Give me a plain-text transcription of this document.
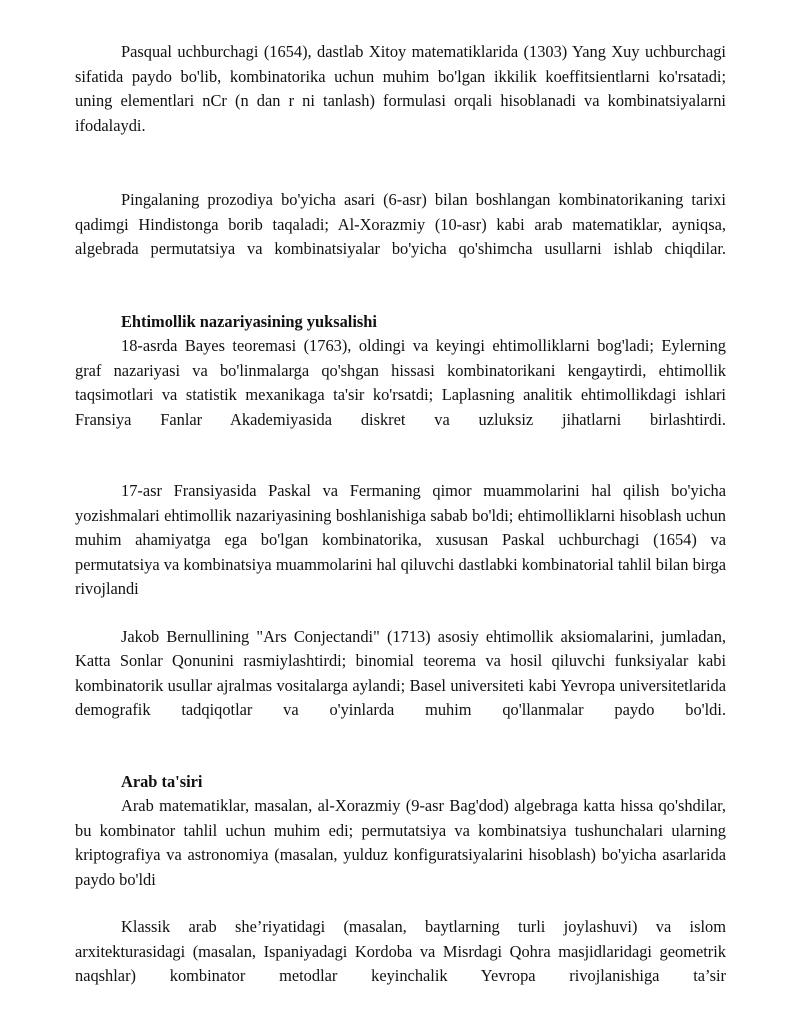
Pasqual uchburchagi (1654), dastlab Xitoy matematiklarida (1303) Yang Xuy uchburchagi sifatida paydo bo'lib, kombinatorika uchun muhim bo'lgan ikkilik koeffitsientlarni ko'rsatadi; uning elementlari nCr (n dan r ni tanlash) formulasi orqali hisoblanadi va kombinatsiyalarni ifodalaydi.

Pingalaning prozodiya bo'yicha asari (6-asr) bilan boshlangan kombinatorikaning tarixi qadimgi Hindistonga borib taqaladi; Al-Xorazmiy (10-asr) kabi arab matematiklar, ayniqsa, algebrada permutatsiya va kombinatsiyalar bo'yicha qo'shimcha usullarni ishlab chiqdilar.

Ehtimollik nazariyasining yuksalishi

18-asrda Bayes teoremasi (1763), oldingi va keyingi ehtimolliklarni bog'ladi; Eylerning graf nazariyasi va bo'linmalarga qo'shgan hissasi kombinatorikani kengaytirdi, ehtimollik taqsimotlari va statistik mexanikaga ta'sir ko'rsatdi; Laplasning analitik ehtimollikdagi ishlari Fransiya Fanlar Akademiyasida diskret va uzluksiz jihatlarni birlashtirdi.

17-asr Fransiyasida Paskal va Fermaning qimor muammolarini hal qilish bo'yicha yozishmalari ehtimollik nazariyasining boshlanishiga sabab bo'ldi; ehtimolliklarni hisoblash uchun muhim ahamiyatga ega bo'lgan kombinatorika, xususan Paskal uchburchagi (1654) va permutatsiya va kombinatsiya muammolarini hal qiluvchi dastlabki kombinatorial tahlil bilan birga rivojlandi

Jakob Bernullining "Ars Conjectandi" (1713) asosiy ehtimollik aksiomalarini, jumladan, Katta Sonlar Qonunini rasmiylashtirdi; binomial teorema va hosil qiluvchi funksiyalar kabi kombinatorik usullar ajralmas vositalarga aylandi; Basel universiteti kabi Yevropa universitetlarida demografik tadqiqotlar va o'yinlarda muhim qo'llanmalar paydo bo'ldi.

Arab ta'siri

Arab matematiklar, masalan, al-Xorazmiy (9-asr Bag'dod) algebraga katta hissa qo'shdilar, bu kombinator tahlil uchun muhim edi; permutatsiya va kombinatsiya tushunchalari ularning kriptografiya va astronomiya (masalan, yulduz konfiguratsiyalarini hisoblash) bo'yicha asarlarida paydo bo'ldi

Klassik arab she’riyatidagi (masalan, baytlarning turli joylashuvi) va islom arxitekturasidagi (masalan, Ispaniyadagi Kordoba va Misrdagi Qohra masjidlaridagi geometrik naqshlar) kombinator metodlar keyinchalik Yevropa rivojlanishiga ta’sir
